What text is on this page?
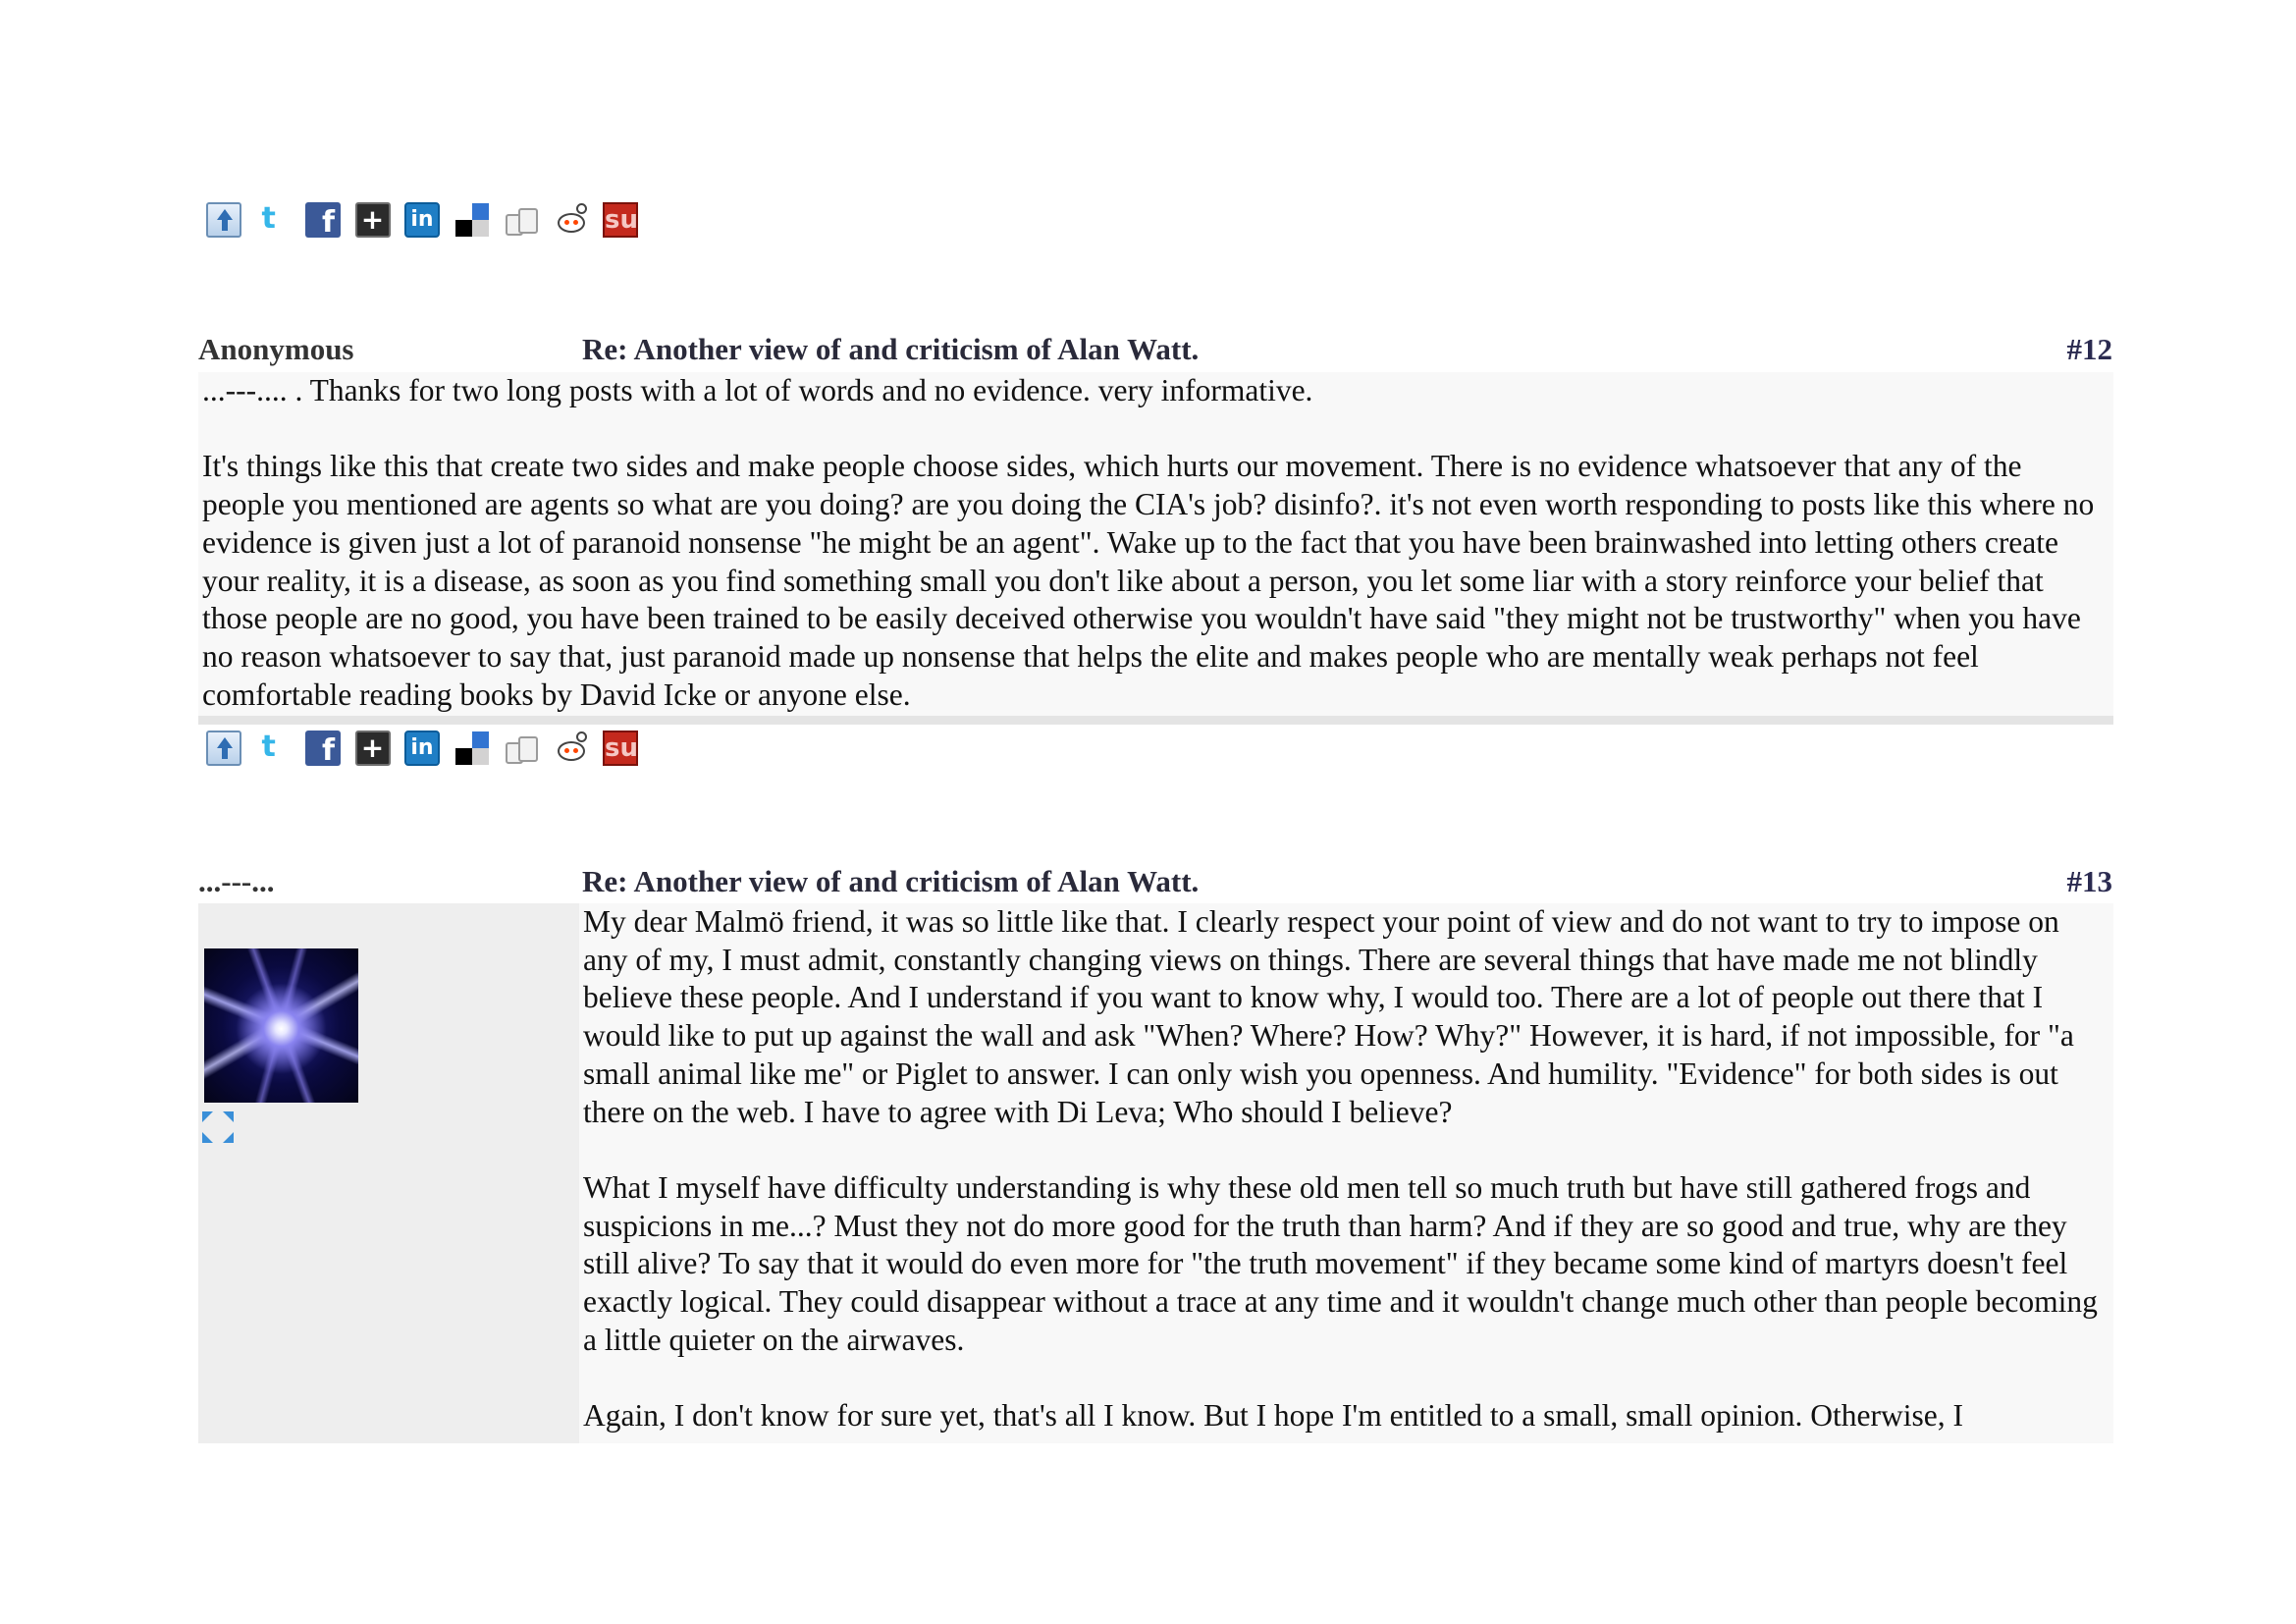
t f + in	su
Anonymous	Re: Another view of and criticism of Alan Watt.	#12

...---.... . Thanks for two long posts with a lot of words and no evidence. very informative.

It's things like this that create two sides and make people choose sides, which hurts our movement. There is no evidence whatsoever that any of the people you mentioned are agents so what are you doing? are you doing the CIA's job? disinfo?. it's not even worth responding to posts like this where no evidence is given just a lot of paranoid nonsense "he might be an agent". Wake up to the fact that you have been brainwashed into letting others create your reality, it is a disease, as soon as you find something small you don't like about a person, you let some liar with a story reinforce your belief that those people are no good, you have been trained to be easily deceived otherwise you wouldn't have said "they might not be trustworthy" when you have no reason whatsoever to say that, just paranoid made up nonsense that helps the elite and makes people who are mentally weak perhaps not feel comfortable reading books by David Icke or anyone else.

t f + in	su
...---...	Re: Another view of and criticism of Alan Watt.	#13

My dear Malmö friend, it was so little like that. I clearly respect your point of view and do not want to try to impose on any of my, I must admit, constantly changing views on things. There are several things that have made me not blindly believe these people. And I understand if you want to know why, I would too. There are a lot of people out there that I would like to put up against the wall and ask "When? Where? How? Why?" However, it is hard, if not impossible, for "a small animal like me" or Piglet to answer. I can only wish you openness. And humility. "Evidence" for both sides is out there on the web. I have to agree with Di Leva; Who should I believe?

What I myself have difficulty understanding is why these old men tell so much truth but have still gathered frogs and suspicions in me...? Must they not do more good for the truth than harm? And if they are so good and true, why are they still alive? To say that it would do even more for "the truth movement" if they became some kind of martyrs doesn't feel exactly logical. They could disappear without a trace at any time and it wouldn't change much other than people becoming a little quieter on the airwaves.

Again, I don't know for sure yet, that's all I know. But I hope I'm entitled to a small, small opinion. Otherwise, I
